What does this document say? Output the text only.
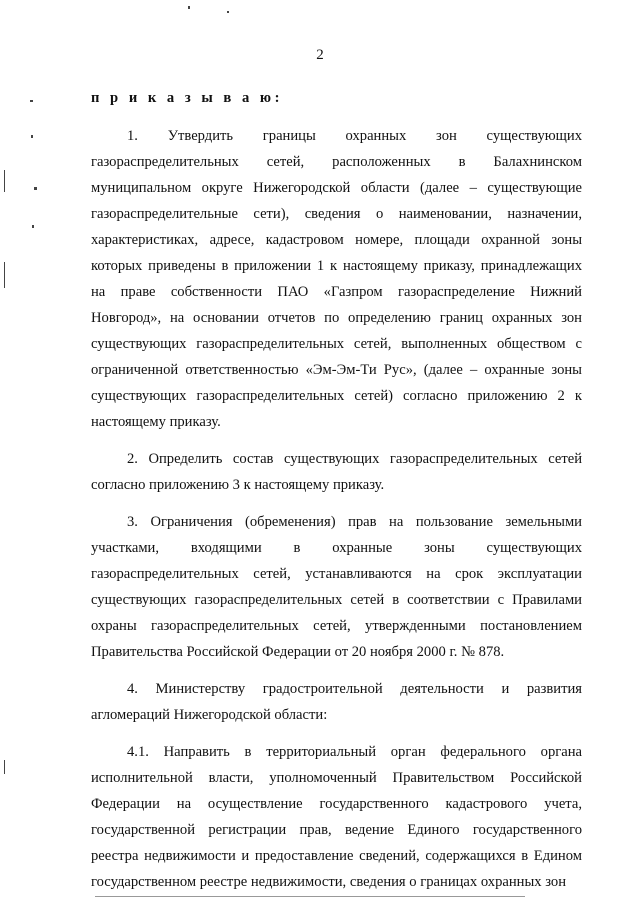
2

п р и к а з ы в а ю:

1. Утвердить границы охранных зон существующих газораспределительных сетей, расположенных в Балахнинском муниципальном округе Нижегородской области (далее – существующие газораспределительные сети), сведения о наименовании, назначении, характеристиках, адресе, кадастровом номере, площади охранной зоны которых приведены в приложении 1 к настоящему приказу, принадлежащих на праве собственности ПАО «Газпром газораспределение Нижний Новгород», на основании отчетов по определению границ охранных зон существующих газораспределительных сетей, выполненных обществом с ограниченной ответственностью «Эм-Эм-Ти Рус», (далее – охранные зоны существующих газораспределительных сетей) согласно приложению 2 к настоящему приказу.

2. Определить состав существующих газораспределительных сетей согласно приложению 3 к настоящему приказу.

3. Ограничения (обременения) прав на пользование земельными участками, входящими в охранные зоны существующих газораспределительных сетей, устанавливаются на срок эксплуатации существующих газораспределительных сетей в соответствии с Правилами охраны газораспределительных сетей, утвержденными постановлением Правительства Российской Федерации от 20 ноября 2000 г. № 878.

4. Министерству градостроительной деятельности и развития агломераций Нижегородской области:

4.1. Направить в территориальный орган федерального органа исполнительной власти, уполномоченный Правительством Российской Федерации на осуществление государственного кадастрового учета, государственной регистрации прав, ведение Единого государственного реестра недвижимости и предоставление сведений, содержащихся в Едином государственном реестре недвижимости, сведения о границах охранных зон
